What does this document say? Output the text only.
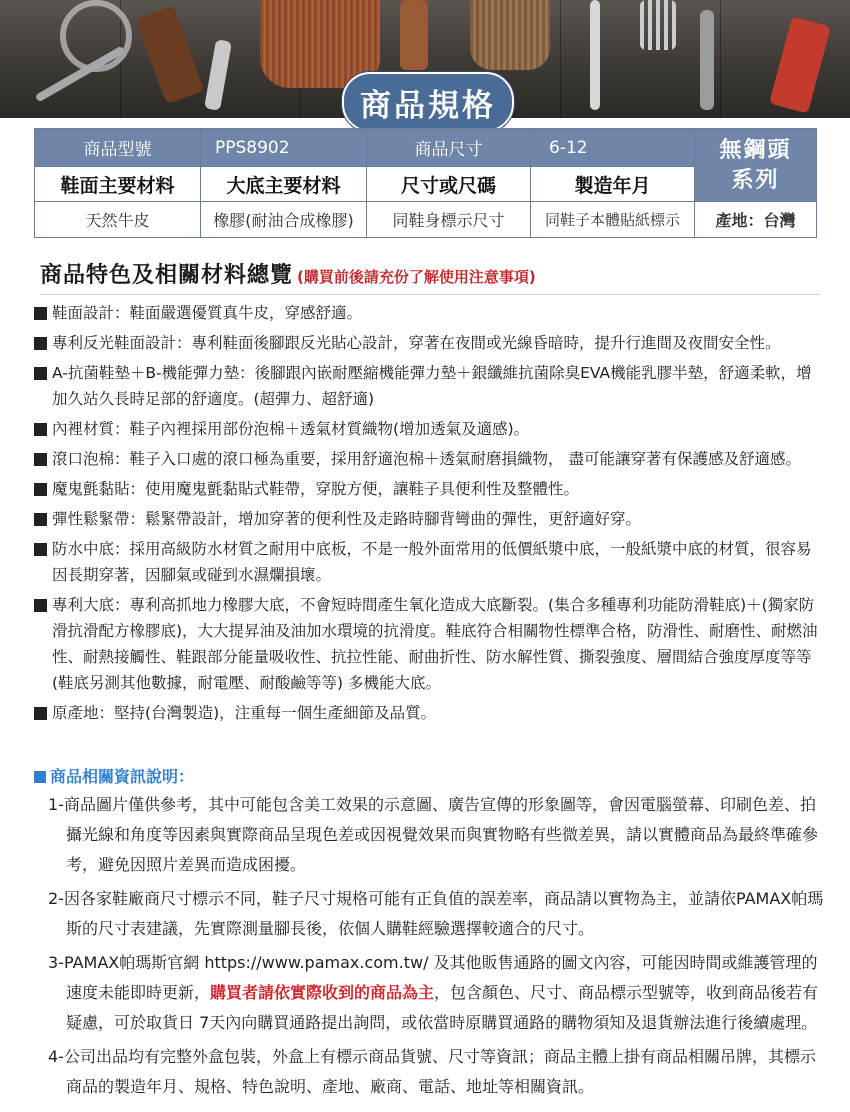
商品規格
商品型號	PPS8902	商品尺寸	6-12	無鋼頭系列
鞋面主要材料	大底主要材料	尺寸或尺碼	製造年月	
天然牛皮	橡膠(耐油合成橡膠)	同鞋身標示尺寸	同鞋子本體貼紙標示	產地：台灣
商品特色及相關材料總覽 (購買前後請充份了解使用注意事項)
鞋面設計：鞋面嚴選優質真牛皮，穿感舒適。
專利反光鞋面設計：專利鞋面後腳跟反光貼心設計，穿著在夜間或光線昏暗時，提升行進間及夜間安全性。
A-抗菌鞋墊＋B-機能彈力墊：後腳跟內嵌耐壓縮機能彈力墊＋銀纖維抗菌除臭EVA機能乳膠半墊，舒適柔軟，增加久站久長時足部的舒適度。(超彈力、超舒適)
內裡材質：鞋子內裡採用部份泡棉＋透氣材質織物(增加透氣及適感)。
滾口泡棉：鞋子入口處的滾口極為重要，採用舒適泡棉＋透氣耐磨損織物， 盡可能讓穿著有保護感及舒適感。
魔鬼氈黏貼：使用魔鬼氈黏貼式鞋帶，穿脫方便，讓鞋子具便利性及整體性。
彈性鬆緊帶：鬆緊帶設計，增加穿著的便利性及走路時腳背彎曲的彈性，更舒適好穿。
防水中底：採用高級防水材質之耐用中底板，不是一般外面常用的低價紙漿中底，一般紙漿中底的材質，很容易因長期穿著，因腳氣或碰到水濕爛損壞。
專利大底：專利高抓地力橡膠大底，不會短時間產生氧化造成大底斷裂。(集合多種專利功能防滑鞋底)＋(獨家防滑抗滑配方橡膠底)，大大提昇油及油加水環境的抗滑度。鞋底符合相關物性標準合格，防滑性、耐磨性、耐燃油性、耐熱接觸性、鞋跟部分能量吸收性、抗拉性能、耐曲折性、防水解性質、撕裂強度、層間結合強度厚度等等 (鞋底另測其他數據，耐電壓、耐酸鹼等等) 多機能大底。
原產地：堅持(台灣製造)，注重每一個生產細節及品質。
商品相關資訊說明：
1-商品圖片僅供參考，其中可能包含美工效果的示意圖、廣告宣傳的形象圖等，會因電腦螢幕、印刷色差、拍攝光線和角度等因素與實際商品呈現色差或因視覺效果而與實物略有些微差異，請以實體商品為最終準確參考，避免因照片差異而造成困擾。
2-因各家鞋廠商尺寸標示不同，鞋子尺寸規格可能有正負值的誤差率，商品請以實物為主，並請依PAMAX帕瑪斯的尺寸表建議，先實際測量腳長後，依個人購鞋經驗選擇較適合的尺寸。
3-PAMAX帕瑪斯官網 https://www.pamax.com.tw/ 及其他販售通路的圖文內容，可能因時間或維護管理的速度未能即時更新，購買者請依實際收到的商品為主，包含顏色、尺寸、商品標示型號等，收到商品後若有疑慮，可於取貨日 7天內向購買通路提出詢問，或依當時原購買通路的購物須知及退貨辦法進行後續處理。
4-公司出品均有完整外盒包裝，外盒上有標示商品貨號、尺寸等資訊；商品主體上掛有商品相關吊牌，其標示商品的製造年月、規格、特色說明、產地、廠商、電話、地址等相關資訊。
